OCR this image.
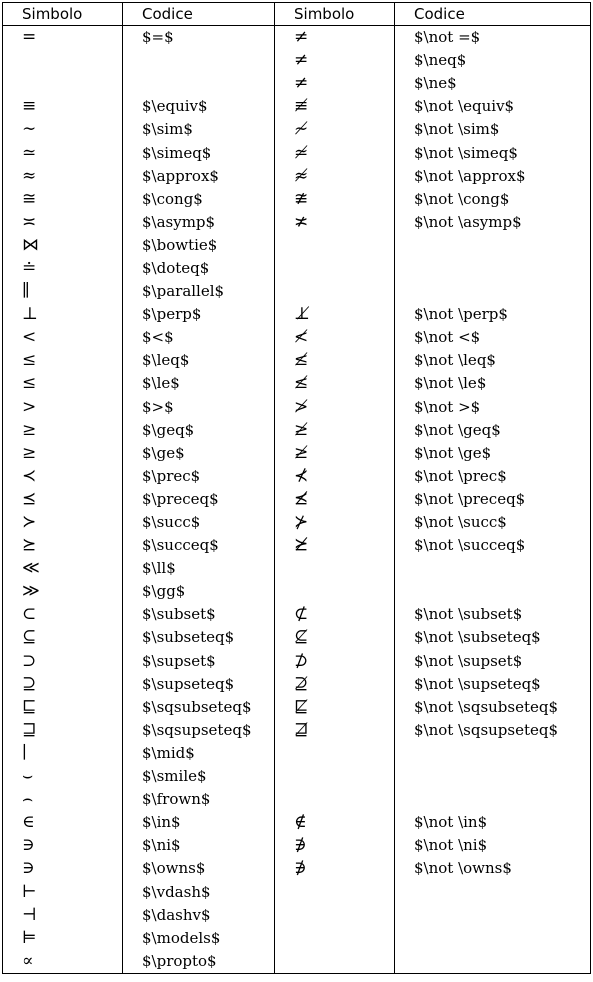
Simbolo	Codice	Simbolo	Codice
=	$=$	≠	$\not =$
		≠	$\neq$
		≠	$\ne$
≡	$\equiv$	≢	$\not \equiv$
∼	$\sim$	≁	$\not \sim$
≃	$\simeq$	≄	$\not \simeq$
≈	$\approx$	≉	$\not \approx$
≅	$\cong$	≇	$\not \cong$
≍	$\asymp$	≭	$\not \asymp$
⋈	$\bowtie$		
≐	$\doteq$		
∥	$\parallel$		
⊥	$\perp$	⊥̸	$\not \perp$
<	$<$	≮	$\not <$
≤	$\leq$	≰	$\not \leq$
≤	$\le$	≰	$\not \le$
>	$>$	≯	$\not >$
≥	$\geq$	≱	$\not \geq$
≥	$\ge$	≱	$\not \ge$
≺	$\prec$	⊀	$\not \prec$
⪯	$\preceq$	⪯̸	$\not \preceq$
≻	$\succ$	⊁	$\not \succ$
⪰	$\succeq$	⪰̸	$\not \succeq$
≪	$\ll$		
≫	$\gg$		
⊂	$\subset$	⊄	$\not \subset$
⊆	$\subseteq$	⊈	$\not \subseteq$
⊃	$\supset$	⊅	$\not \supset$
⊇	$\supseteq$	⊉	$\not \supseteq$
⊑	$\sqsubseteq$	⋢	$\not \sqsubseteq$
⊒	$\sqsupseteq$	⋣	$\not \sqsupseteq$
∣	$\mid$		
⌣	$\smile$		
⌢	$\frown$		
∈	$\in$	∉	$\not \in$
∋	$\ni$	∌	$\not \ni$
∋	$\owns$	∌	$\not \owns$
⊢	$\vdash$		
⊣	$\dashv$		
⊨	$\models$		
∝	$\propto$		
